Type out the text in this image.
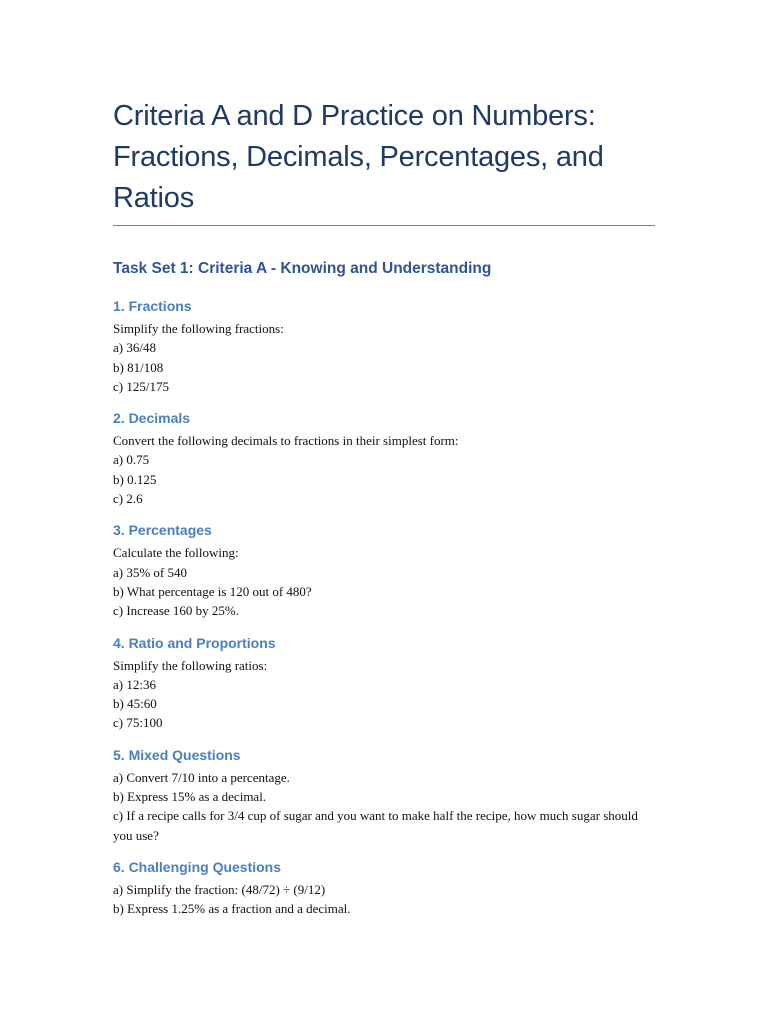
Criteria A and D Practice on Numbers: Fractions, Decimals, Percentages, and Ratios
Task Set 1: Criteria A - Knowing and Understanding
1. Fractions

Simplify the following fractions:

a) 36/48

b) 81/108

c) 125/175

2. Decimals

Convert the following decimals to fractions in their simplest form:

a) 0.75

b) 0.125

c) 2.6

3. Percentages

Calculate the following:

a) 35% of 540

b) What percentage is 120 out of 480?

c) Increase 160 by 25%.

4. Ratio and Proportions

Simplify the following ratios:

a) 12:36

b) 45:60

c) 75:100

5. Mixed Questions

a) Convert 7/10 into a percentage.

b) Express 15% as a decimal.

c) If a recipe calls for 3/4 cup of sugar and you want to make half the recipe, how much sugar should you use?

6. Challenging Questions

a) Simplify the fraction: (48/72) ÷ (9/12)

b) Express 1.25% as a fraction and a decimal.
